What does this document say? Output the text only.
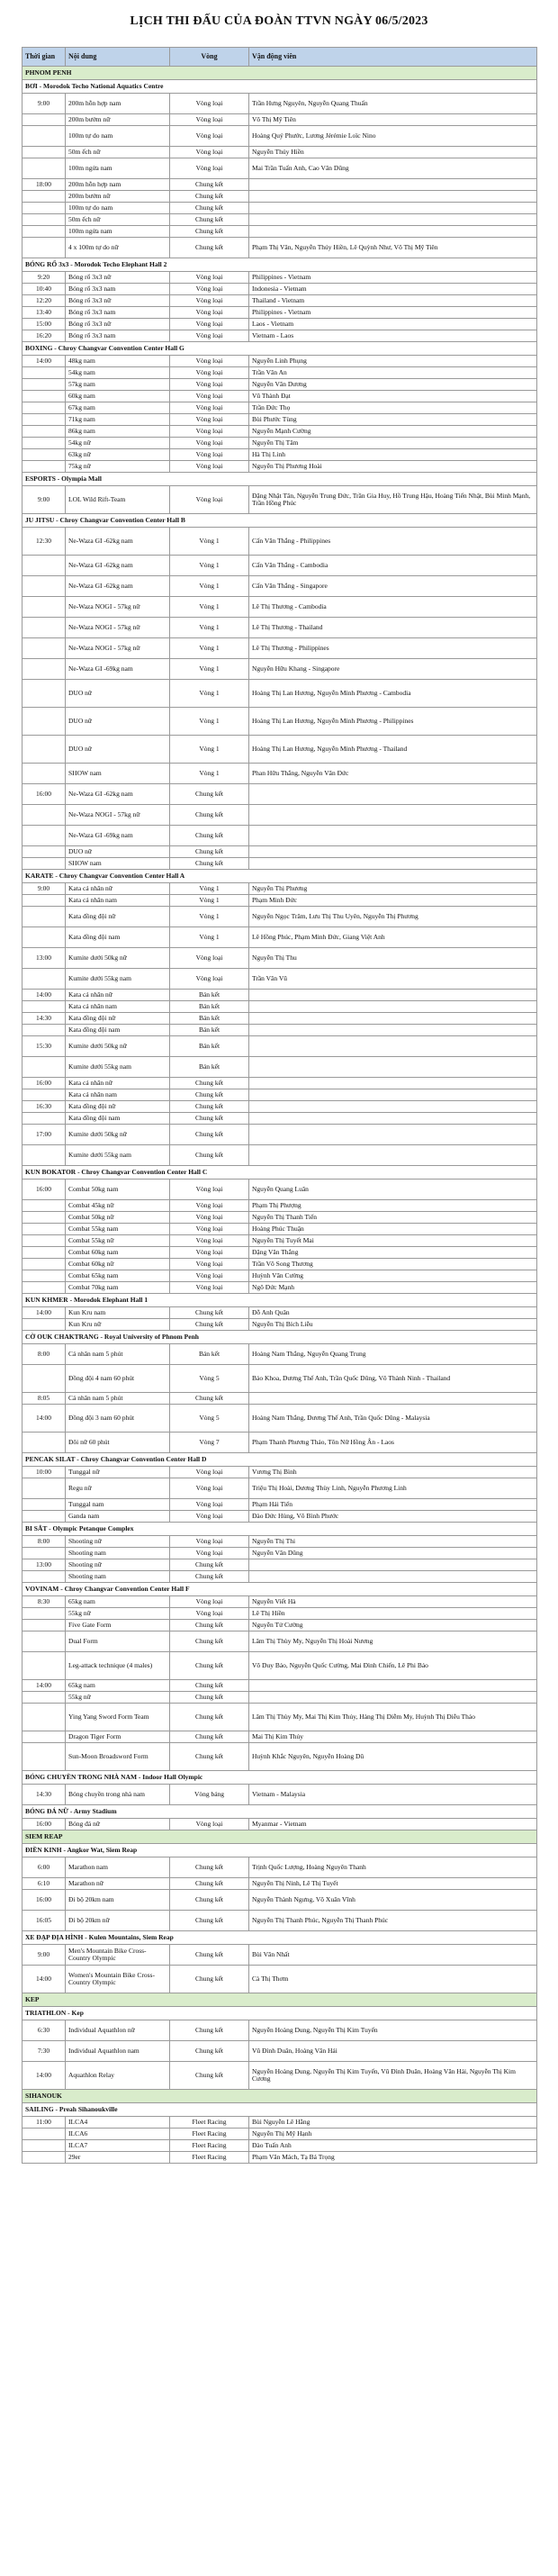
LỊCH THI ĐẤU CỦA ĐOÀN TTVN NGÀY 06/5/2023
Thời gian	Nội dung	Vòng	Vận động viên
PHNOM PENH			
BƠI - Morodok Techo National Aquatics Centre			
9:00	200m hỗn hợp nam	Vòng loại	Trần Hưng Nguyên, Nguyễn Quang Thuấn
	200m bướm nữ	Vòng loại	Võ Thị Mỹ Tiên
	100m tự do nam	Vòng loại	Hoàng Quý Phước, Lương Jérémie Loïc Nino
	50m ếch nữ	Vòng loại	Nguyễn Thúy Hiền
	100m ngửa nam	Vòng loại	Mai Trần Tuấn Anh, Cao Văn Dũng
18:00	200m hỗn hợp nam	Chung kết	
	200m bướm nữ	Chung kết	
	100m tự do nam	Chung kết	
	50m ếch nữ	Chung kết	
	100m ngửa nam	Chung kết	
	4 x 100m tự do nữ	Chung kết	Phạm Thị Vân, Nguyễn Thúy Hiền, Lê Quỳnh Như, Võ Thị Mỹ Tiên
BÓNG RỔ 3x3 - Morodok Techo Elephant Hall 2			
9:20	Bóng rổ 3x3 nữ	Vòng loại	Philippines - Vietnam
10:40	Bóng rổ 3x3 nam	Vòng loại	Indonesia - Vietnam
12:20	Bóng rổ 3x3 nữ	Vòng loại	Thailand - Vietnam
13:40	Bóng rổ 3x3 nam	Vòng loại	Philippines - Vietnam
15:00	Bóng rổ 3x3 nữ	Vòng loại	Laos - Vietnam
16:20	Bóng rổ 3x3 nam	Vòng loại	Vietnam - Laos
BOXING - Chroy Changvar Convention Center Hall G			
14:00	48kg nam	Vòng loại	Nguyễn Linh Phụng
	54kg nam	Vòng loại	Trần Văn An
	57kg nam	Vòng loại	Nguyễn Văn Dương
	60kg nam	Vòng loại	Vũ Thành Đạt
	67kg nam	Vòng loại	Trần Đức Thọ
	71kg nam	Vòng loại	Bùi Phước Tùng
	86kg nam	Vòng loại	Nguyễn Mạnh Cường
	54kg nữ	Vòng loại	Nguyễn Thị Tâm
	63kg nữ	Vòng loại	Hà Thị Linh
	75kg nữ	Vòng loại	Nguyễn Thị Phương Hoài
ESPORTS - Olympia Mall			
9:00	LOL Wild Rift-Team	Vòng loại	Đặng Nhật Tân, Nguyễn Trung Đức, Trần Gia Huy, Hồ Trung Hậu, Hoàng Tiến Nhật, Bùi Minh Mạnh, Trần Hồng Phúc
JU JITSU - Chroy Changvar Convention Center Hall B			
12:30	Ne-Waza GI -62kg nam	Vòng 1	Cấn Văn Thắng - Philippines
	Ne-Waza GI -62kg nam	Vòng 1	Cấn Văn Thắng - Cambodia
	Ne-Waza GI -62kg nam	Vòng 1	Cấn Văn Thắng - Singapore
	Ne-Waza NOGI - 57kg nữ	Vòng 1	Lê Thị Thương - Cambodia
	Ne-Waza NOGI - 57kg nữ	Vòng 1	Lê Thị Thương - Thailand
	Ne-Waza NOGI - 57kg nữ	Vòng 1	Lê Thị Thương - Philippines
	Ne-Waza GI -69kg nam	Vòng 1	Nguyễn Hữu Khang - Singapore
	DUO nữ	Vòng 1	Hoàng Thị Lan Hương, Nguyễn Minh Phương - Cambodia
	DUO nữ	Vòng 1	Hoàng Thị Lan Hương, Nguyễn Minh Phương - Philippines
	DUO nữ	Vòng 1	Hoàng Thị Lan Hương, Nguyễn Minh Phương - Thailand
	SHOW nam	Vòng 1	Phan Hữu Thắng, Nguyễn Văn Đức
16:00	Ne-Waza GI -62kg nam	Chung kết	
	Ne-Waza NOGI - 57kg nữ	Chung kết	
	Ne-Waza GI -69kg nam	Chung kết	
	DUO nữ	Chung kết	
	SHOW nam	Chung kết	
KARATE - Chroy Changvar Convention Center Hall A			
9:00	Kata cá nhân nữ	Vòng 1	Nguyễn Thị Phương
	Kata cá nhân nam	Vòng 1	Phạm Minh Đức
	Kata đồng đội nữ	Vòng 1	Nguyễn Ngọc Trâm, Lưu Thị Thu Uyên, Nguyễn Thị Phương
	Kata đồng đội nam	Vòng 1	Lê Hồng Phúc, Phạm Minh Đức, Giang Việt Anh
13:00	Kumite dưới 50kg nữ	Vòng loại	Nguyễn Thị Thu
	Kumite dưới 55kg nam	Vòng loại	Trần Văn Vũ
14:00	Kata cá nhân nữ	Bán kết	
	Kata cá nhân nam	Bán kết	
14:30	Kata đồng đội nữ	Bán kết	
	Kata đồng đội nam	Bán kết	
15:30	Kumite dưới 50kg nữ	Bán kết	
	Kumite dưới 55kg nam	Bán kết	
16:00	Kata cá nhân nữ	Chung kết	
	Kata cá nhân nam	Chung kết	
16:30	Kata đồng đội nữ	Chung kết	
	Kata đồng đội nam	Chung kết	
17:00	Kumite dưới 50kg nữ	Chung kết	
	Kumite dưới 55kg nam	Chung kết	
KUN BOKATOR - Chroy Changvar Convention Center Hall C			
16:00	Combat 50kg nam	Vòng loại	Nguyễn Quang Luân
	Combat 45kg nữ	Vòng loại	Phạm Thị Phượng
	Combat 50kg nữ	Vòng loại	Nguyễn Thị Thanh Tiến
	Combat 55kg nam	Vòng loại	Hoàng Phúc Thuận
	Combat 55kg nữ	Vòng loại	Nguyễn Thị Tuyết Mai
	Combat 60kg nam	Vòng loại	Đặng Văn Thắng
	Combat 60kg nữ	Vòng loại	Trần Võ Song Thương
	Combat 65kg nam	Vòng loại	Huỳnh Văn Cường
	Combat 70kg nam	Vòng loại	Ngô Đức Mạnh
KUN KHMER - Morodok Elephant Hall 1			
14:00	Kun Kru nam	Chung kết	Đỗ Anh Quân
	Kun Kru nữ	Chung kết	Nguyễn Thị Bích Liễu
CỜ OUK CHAKTRANG - Royal University of Phnom Penh			
8:00	Cá nhân nam 5 phút	Bán kết	Hoàng Nam Thắng, Nguyễn Quang Trung
	Đồng đội 4 nam 60 phút	Vòng 5	Bảo Khoa, Dương Thế Anh, Trần Quốc Dũng, Võ Thành Ninh - Thailand
8:05	Cá nhân nam 5 phút	Chung kết	
14:00	Đồng đội 3 nam 60 phút	Vòng 5	Hoàng Nam Thắng, Dương Thế Anh, Trần Quốc Dũng - Malaysia
	Đôi nữ 60 phút	Vòng 7	Phạm Thanh Phương Thảo, Tôn Nữ Hồng Ân - Laos
PENCAK SILAT - Chroy Changvar Convention Center Hall D			
10:00	Tunggal nữ	Vòng loại	Vương Thị Bình
	Regu nữ	Vòng loại	Triệu Thị Hoài, Dương Thùy Linh, Nguyễn Phương Linh
	Tunggal nam	Vòng loại	Phạm Hải Tiến
	Ganda nam	Vòng loại	Đào Đức Hùng, Võ Bình Phước
BI SẮT - Olympic Petanque Complex			
8:00	Shooting nữ	Vòng loại	Nguyễn Thị Thi
	Shooting nam	Vòng loại	Nguyễn Văn Dũng
13:00	Shooting nữ	Chung kết	
	Shooting nam	Chung kết	
VOVINAM - Chroy Changvar Convention Center Hall F			
8:30	65kg nam	Vòng loại	Nguyễn Viết Hà
	55kg nữ	Vòng loại	Lê Thị Hiền
	Five Gate Form	Chung kết	Nguyễn Tử Cường
	Dual Form	Chung kết	Lâm Thị Thùy My, Nguyễn Thị Hoài Nương
	Leg-attack technique (4 males)	Chung kết	Võ Duy Bảo, Nguyễn Quốc Cường, Mai Đình Chiến, Lê Phi Bảo
14:00	65kg nam	Chung kết	
	55kg nữ	Chung kết	
	Ying Yang Sword Form Team	Chung kết	Lâm Thị Thùy My, Mai Thị Kim Thủy, Hàng Thị Diễm My, Huỳnh Thị Diễu Thảo
	Dragon Tiger Form	Chung kết	Mai Thị Kim Thủy
	Sun-Moon Broadsword Form	Chung kết	Huỳnh Khắc Nguyên, Nguyễn Hoàng Dũ
BÓNG CHUYỀN TRONG NHÀ NAM - Indoor Hall Olympic			
14:30	Bóng chuyền trong nhà nam	Vòng bảng	Vietnam - Malaysia
BÓNG ĐÁ NỮ - Army Stadium			
16:00	Bóng đá nữ	Vòng loại	Myanmar - Vietnam
SIEM REAP			
ĐIỀN KINH - Angkor Wat, Siem Reap			
6:00	Marathon nam	Chung kết	Trịnh Quốc Lượng, Hoàng Nguyên Thanh
6:10	Marathon nữ	Chung kết	Nguyễn Thị Ninh, Lê Thị Tuyết
16:00	Đi bộ 20km nam	Chung kết	Nguyễn Thành Ngưng, Võ Xuân Vĩnh
16:05	Đi bộ 20km nữ	Chung kết	Nguyễn Thị Thanh Phúc, Nguyễn Thị Thanh Phúc
XE ĐẠP ĐỊA HÌNH - Kulen Mountains, Siem Reap			
9:00	Men's Mountain Bike Cross-Country Olympic	Chung kết	Bùi Văn Nhất
14:00	Women's Mountain Bike Cross-Country Olympic	Chung kết	Cà Thị Thơm
KEP			
TRIATHLON - Kep			
6:30	Individual Aquathlon nữ	Chung kết	Nguyễn Hoàng Dung, Nguyễn Thị Kim Tuyến
7:30	Individual Aquathlon nam	Chung kết	Vũ Đình Duân, Hoàng Văn Hải
14:00	Aquathlon Relay	Chung kết	Nguyễn Hoàng Dung, Nguyễn Thị Kim Tuyến, Vũ Đình Duân, Hoàng Văn Hải, Nguyễn Thị Kim Cương
SIHANOUK			
SAILING - Preah Sihanoukville			
11:00	ILCA4	Fleet Racing	Bùi Nguyễn Lê Hằng
	ILCA6	Fleet Racing	Nguyễn Thị Mỹ Hạnh
	ILCA7	Fleet Racing	Đào Tuấn Anh
	29er	Fleet Racing	Phạm Văn Mách, Tạ Bá Trọng
